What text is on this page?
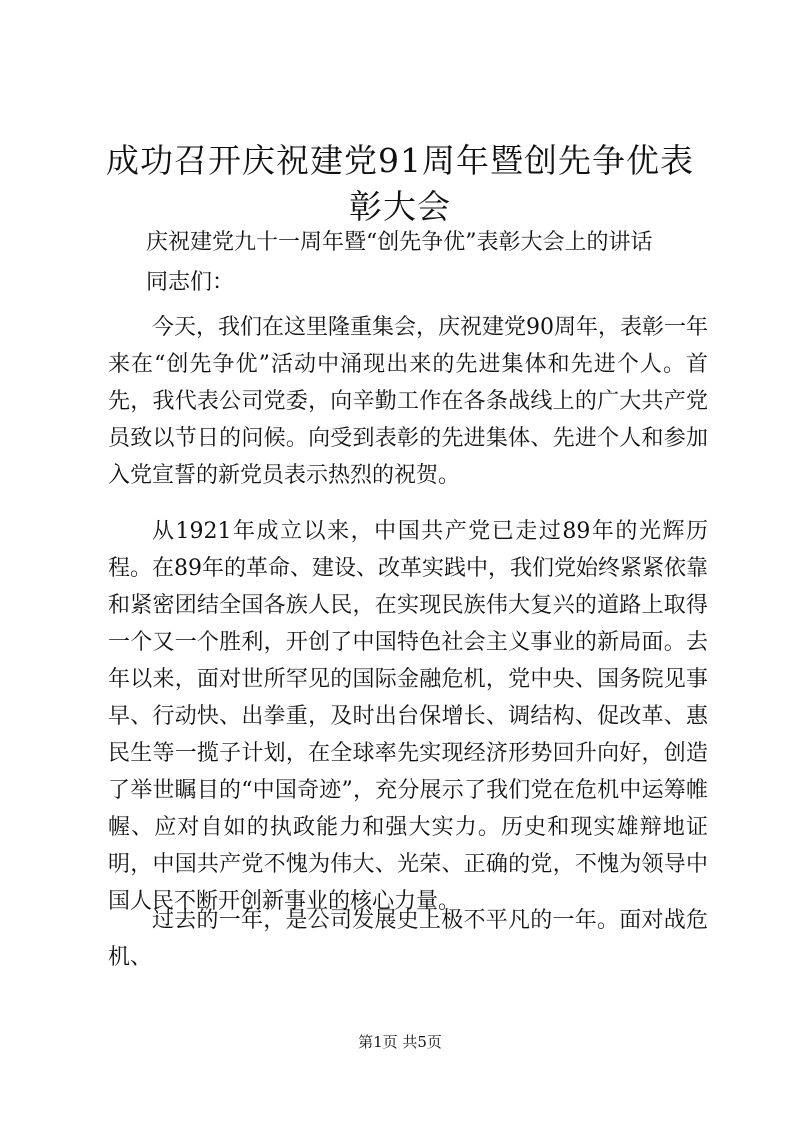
成功召开庆祝建党91周年暨创先争优表彰大会
庆祝建党九十一周年暨“创先争优”表彰大会上的讲话
同志们：

今天，我们在这里隆重集会，庆祝建党90周年，表彰一年来在“创先争优”活动中涌现出来的先进集体和先进个人。首先，我代表公司党委，向辛勤工作在各条战线上的广大共产党员致以节日的问候。向受到表彰的先进集体、先进个人和参加入党宣誓的新党员表示热烈的祝贺。

从1921年成立以来，中国共产党已走过89年的光辉历程。在89年的革命、建设、改革实践中，我们党始终紧紧依靠和紧密团结全国各族人民，在实现民族伟大复兴的道路上取得一个又一个胜利，开创了中国特色社会主义事业的新局面。去年以来，面对世所罕见的国际金融危机，党中央、国务院见事早、行动快、出拳重，及时出台保增长、调结构、促改革、惠民生等一揽子计划，在全球率先实现经济形势回升向好，创造了举世瞩目的“中国奇迹”，充分展示了我们党在危机中运筹帷幄、应对自如的执政能力和强大实力。历史和现实雄辩地证明，中国共产党不愧为伟大、光荣、正确的党，不愧为领导中国人民不断开创新事业的核心力量。

过去的一年，是公司发展史上极不平凡的一年。面对战危机、

第1页 共5页
